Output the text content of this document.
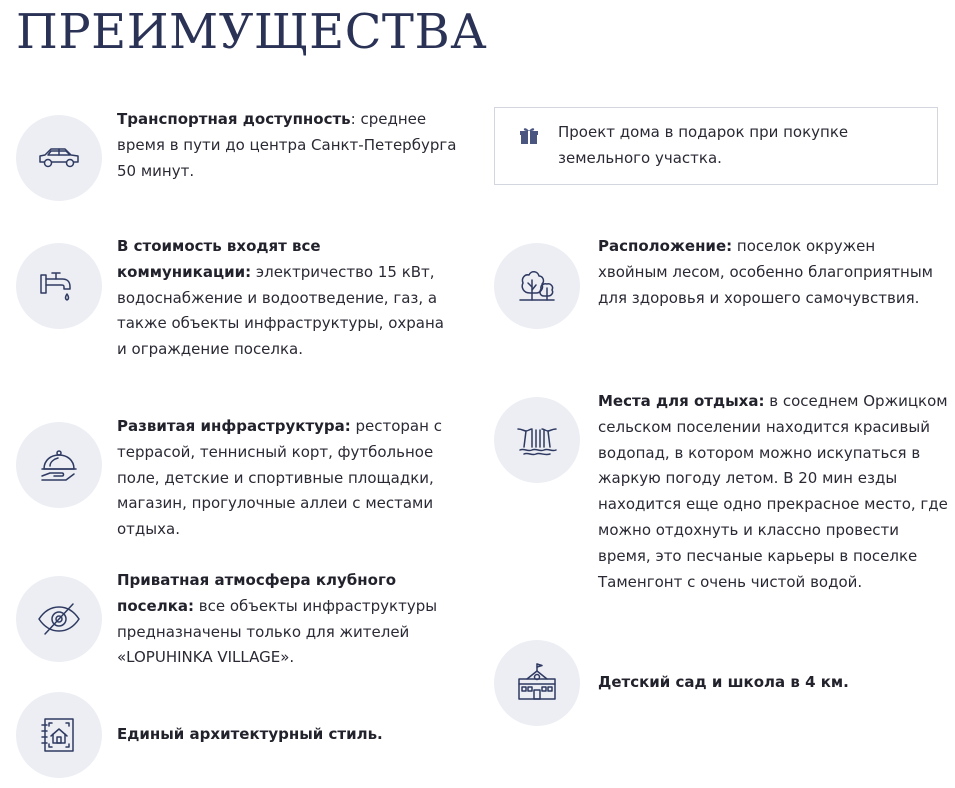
ПРЕИМУЩЕСТВА
Проект дома в подарок при покупке земельного участка.
Транспортная доступность: среднее время в пути до центра Санкт-Петербурга 50 минут.
В стоимость входят все коммуникации: электричество 15 кВт, водоснабжение и водоотведение, газ, а также объекты инфраструктуры, охрана и ограждение поселка.
Развитая инфраструктура: ресторан с террасой, теннисный корт, футбольное поле, детские и спортивные площадки, магазин, прогулочные аллеи с местами отдыха.
Приватная атмосфера клубного поселка: все объекты инфраструктуры предназначены только для жителей «LOPUHINKA VILLAGE».
Единый архитектурный стиль.
Расположение: поселок окружен хвойным лесом, особенно благоприятным для здоровья и хорошего самочувствия.
Места для отдыха: в соседнем Оржицком сельском поселении находится красивый водопад, в котором можно искупаться в жаркую погоду летом. В 20 мин езды находится еще одно прекрасное место, где можно отдохнуть и классно провести время, это песчаные карьеры в поселке Таменгонт с очень чистой водой.
Детский сад и школа в 4 км.
